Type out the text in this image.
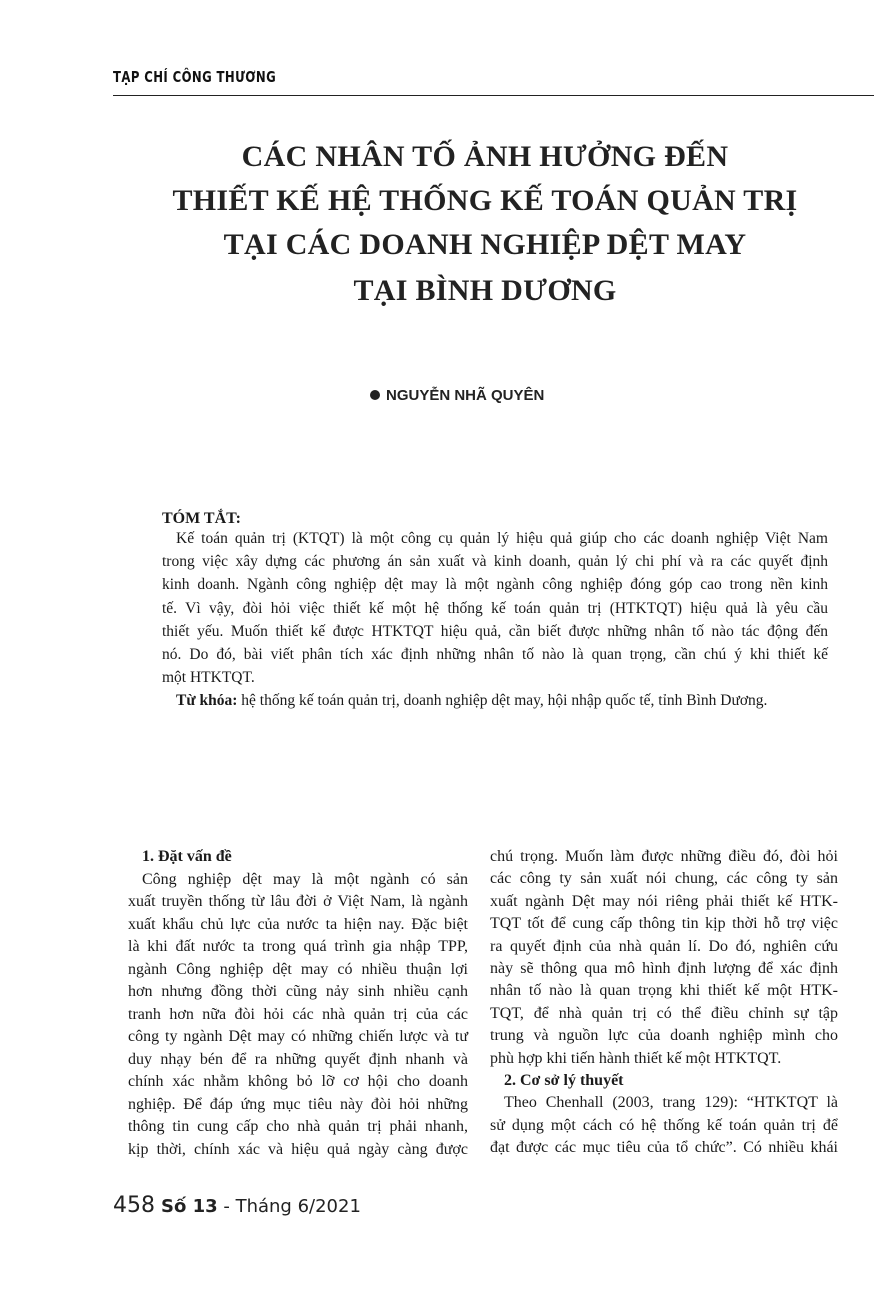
TẠP CHÍ CÔNG THƯƠNG
CÁC NHÂN TỐ ẢNH HƯỞNG ĐẾN
THIẾT KẾ HỆ THỐNG KẾ TOÁN QUẢN TRỊ
TẠI CÁC DOANH NGHIỆP DỆT MAY
TẠI BÌNH DƯƠNG
NGUYỄN NHÃ QUYÊN
TÓM TẮT:
Kế toán quản trị (KTQT) là một công cụ quản lý hiệu quả giúp cho các doanh nghiệp Việt Nam
trong việc xây dựng các phương án sản xuất và kinh doanh, quản lý chi phí và ra các quyết định
kinh doanh. Ngành công nghiệp dệt may là một ngành công nghiệp đóng góp cao trong nền kinh
tế. Vì vậy, đòi hỏi việc thiết kế một hệ thống kế toán quản trị (HTKTQT) hiệu quả là yêu cầu
thiết yếu. Muốn thiết kế được HTKTQT hiệu quả, cần biết được những nhân tố nào tác động đến
nó. Do đó, bài viết phân tích xác định những nhân tố nào là quan trọng, cần chú ý khi thiết kế
một HTKTQT.
Từ khóa: hệ thống kế toán quản trị, doanh nghiệp dệt may, hội nhập quốc tế, tỉnh Bình Dương.
1. Đặt vấn đề
Công nghiệp dệt may là một ngành có sản
xuất truyền thống từ lâu đời ở Việt Nam, là ngành
xuất khẩu chủ lực của nước ta hiện nay. Đặc biệt
là khi đất nước ta trong quá trình gia nhập TPP,
ngành Công nghiệp dệt may có nhiều thuận lợi
hơn nhưng đồng thời cũng nảy sinh nhiều cạnh
tranh hơn nữa đòi hỏi các nhà quản trị của các
công ty ngành Dệt may có những chiến lược và tư
duy nhạy bén để ra những quyết định nhanh và
chính xác nhằm không bỏ lỡ cơ hội cho doanh
nghiệp. Để đáp ứng mục tiêu này đòi hỏi những
thông tin cung cấp cho nhà quản trị phải nhanh,
kịp thời, chính xác và hiệu quả ngày càng được
chú trọng. Muốn làm được những điều đó, đòi hỏi
các công ty sản xuất nói chung, các công ty sản
xuất ngành Dệt may nói riêng phải thiết kế HTK-
TQT tốt để cung cấp thông tin kịp thời hỗ trợ việc
ra quyết định của nhà quản lí. Do đó, nghiên cứu
này sẽ thông qua mô hình định lượng để xác định
nhân tố nào là quan trọng khi thiết kế một HTK-
TQT, để nhà quản trị có thể điều chỉnh sự tập
trung và nguồn lực của doanh nghiệp mình cho
phù hợp khi tiến hành thiết kế một HTKTQT.
2. Cơ sở lý thuyết
Theo Chenhall (2003, trang 129): “HTKTQT là
sử dụng một cách có hệ thống kế toán quản trị để
đạt được các mục tiêu của tổ chức”. Có nhiều khái
458 Số 13 - Tháng 6/2021
